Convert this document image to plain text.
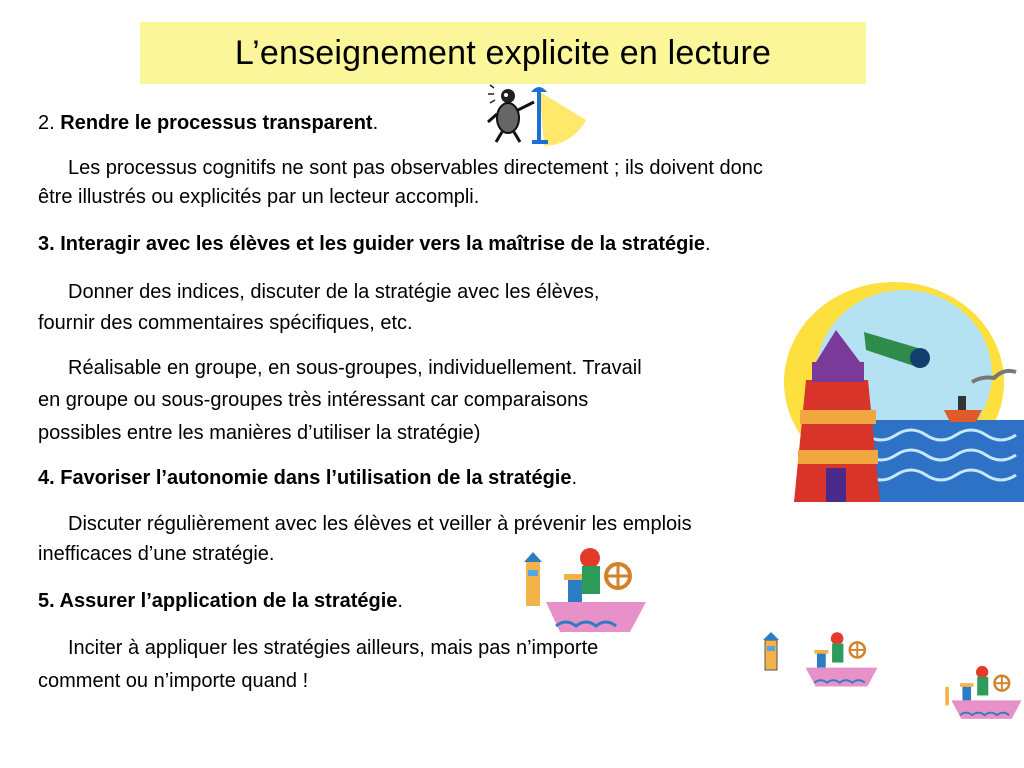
L’enseignement explicite en lecture
2. Rendre le processus transparent.
Les processus cognitifs ne sont pas observables directement ; ils doivent donc
être illustrés ou explicités par un lecteur accompli.
3. Interagir avec les élèves et les guider vers la maîtrise de la stratégie.
Donner des indices, discuter de la stratégie avec les élèves,
fournir des commentaires spécifiques, etc.
Réalisable en groupe, en sous-groupes, individuellement. Travail
en groupe ou sous-groupes très intéressant car comparaisons
possibles entre les manières d’utiliser la stratégie)
4. Favoriser l’autonomie dans l’utilisation de la stratégie.
Discuter régulièrement avec les élèves et veiller à prévenir les emplois
inefficaces d’une stratégie.
5. Assurer l’application de la stratégie.
Inciter à appliquer les stratégies ailleurs, mais pas n’importe
comment ou n’importe quand !
